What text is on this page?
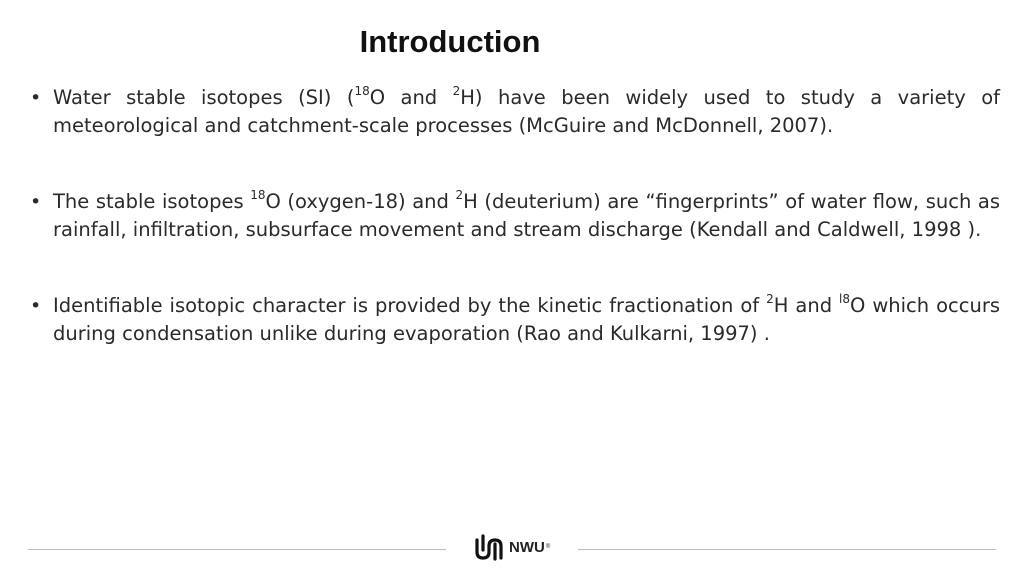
Introduction
• Water stable isotopes (SI) ($^{18}$O and $^2$H) have been widely used to study a variety of meteorological and catchment-scale processes (McGuire and McDonnell, 2007).
• The stable isotopes $^{18}$O (oxygen-18) and $^2$H (deuterium) are “fingerprints” of water flow, such as rainfall, infiltration, subsurface movement and stream discharge (Kendall and Caldwell, 1998 ).
• Identifiable isotopic character is provided by the kinetic fractionation of $^2$H and $^{l8}$O which occurs during condensation unlike during evaporation (Rao and Kulkarni, 1997) .
NWU ®
